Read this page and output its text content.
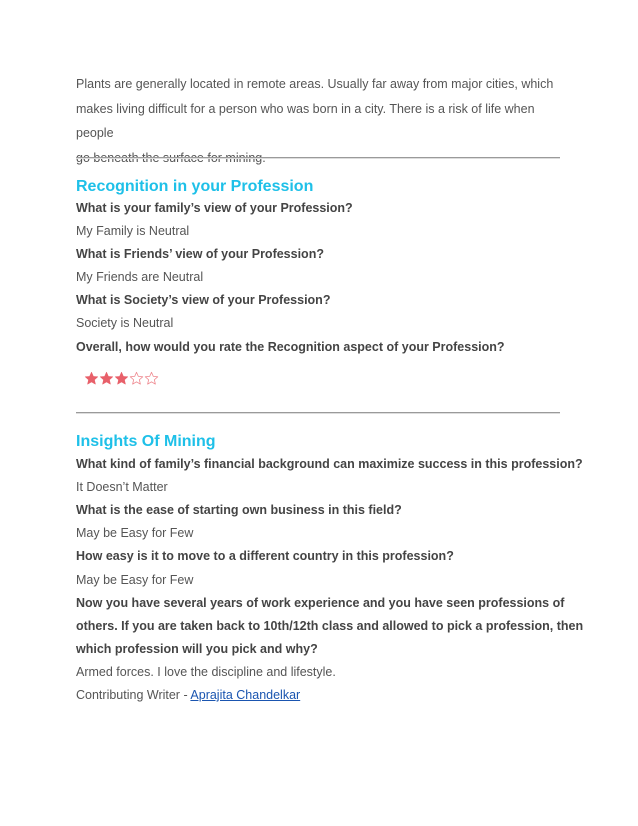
Plants are generally located in remote areas. Usually far away from major cities, which
makes living difficult for a person who was born in a city. There is a risk of life when people
go beneath the surface for mining.

Recognition in your Profession

What is your family’s view of your Profession?

My Family is Neutral

What is Friends’ view of your Profession?

My Friends are Neutral

What is Society’s view of your Profession?

Society is Neutral

Overall, how would you rate the Recognition aspect of your Profession?

Insights Of Mining

What kind of family’s financial background can maximize success in this profession?

It Doesn’t Matter

What is the ease of starting own business in this field?

May be Easy for Few

How easy is it to move to a different country in this profession?

May be Easy for Few

Now you have several years of work experience and you have seen professions of

others. If you are taken back to 10th/12th class and allowed to pick a profession, then

which profession will you pick and why?

Armed forces. I love the discipline and lifestyle.

Contributing Writer - Aprajita Chandelkar
